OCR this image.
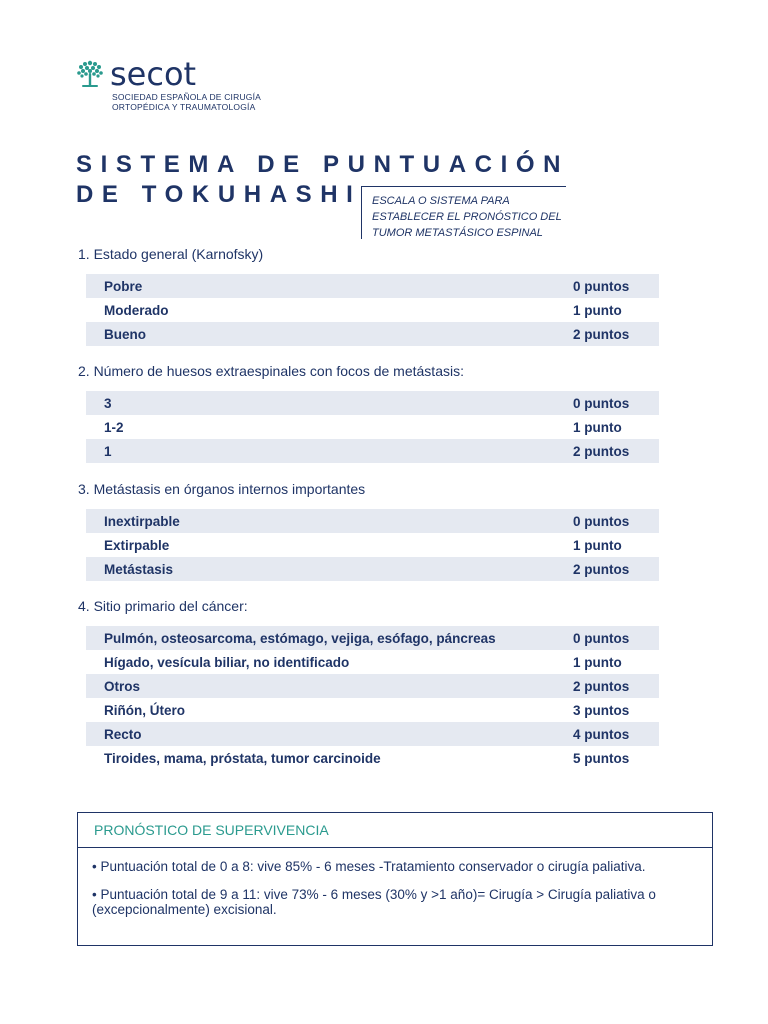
secot
SOCIEDAD ESPAÑOLA DE CIRUGÍA
ORTOPÉDICA Y TRAUMATOLOGÍA
SISTEMA DE PUNTUACIÓN
DE TOKUHASHI ESCALA O SISTEMA PARA
ESTABLECER EL PRONÓSTICO DEL
TUMOR METASTÁSICO ESPINAL

1. Estado general (Karnofsky)

Pobre	0 puntos
Moderado	1 punto
Bueno	2 puntos

2. Número de huesos extraespinales con focos de metástasis:

3	0 puntos
1-2	1 punto
1	2 puntos

3. Metástasis en órganos internos importantes

Inextirpable	0 puntos
Extirpable	1 punto
Metástasis	2 puntos

4. Sitio primario del cáncer:

Pulmón, osteosarcoma, estómago, vejiga, esófago, páncreas	0 puntos
Hígado, vesícula biliar, no identificado	1 punto
Otros	2 puntos
Riñón, Útero	3 puntos
Recto	4 puntos
Tiroides, mama, próstata, tumor carcinoide	5 puntos
PRONÓSTICO DE SUPERVIVENCIA

• Puntuación total de 0 a 8: vive 85% - 6 meses -Tratamiento conservador o cirugía paliativa.

• Puntuación total de 9 a 11: vive 73% - 6 meses (30% y >1 año)= Cirugía > Cirugía paliativa o (excepcionalmente) excisional.
